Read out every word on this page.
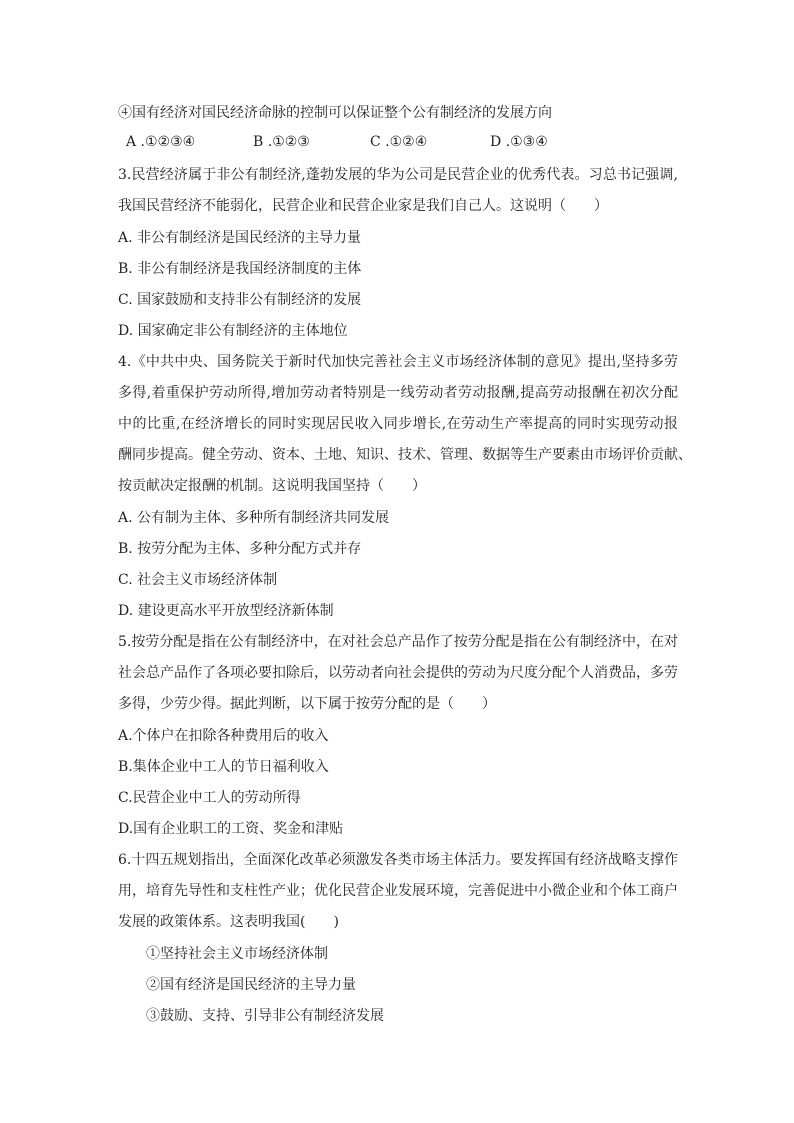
④国有经济对国民经济命脉的控制可以保证整个公有制经济的发展方向
A .①②③④	B .①②③	C .①②④	D .①③④
3.民营经济属于非公有制经济,蓬勃发展的华为公司是民营企业的优秀代表。习总书记强调,
我国民营经济不能弱化，民营企业和民营企业家是我们自己人。这说明（　　）
A. 非公有制经济是国民经济的主导力量
B. 非公有制经济是我国经济制度的主体
C. 国家鼓励和支持非公有制经济的发展
D. 国家确定非公有制经济的主体地位
4.《中共中央、国务院关于新时代加快完善社会主义市场经济体制的意见》提出,坚持多劳
多得,着重保护劳动所得,增加劳动者特别是一线劳动者劳动报酬,提高劳动报酬在初次分配
中的比重,在经济增长的同时实现居民收入同步增长,在劳动生产率提高的同时实现劳动报
酬同步提高。健全劳动、资本、土地、知识、技术、管理、数据等生产要素由市场评价贡献、
按贡献决定报酬的机制。这说明我国坚持（　　）
A. 公有制为主体、多种所有制经济共同发展
B. 按劳分配为主体、多种分配方式并存
C. 社会主义市场经济体制
D. 建设更高水平开放型经济新体制
5.按劳分配是指在公有制经济中，在对社会总产品作了按劳分配是指在公有制经济中，在对
社会总产品作了各项必要扣除后，以劳动者向社会提供的劳动为尺度分配个人消费品，多劳
多得，少劳少得。据此判断，以下属于按劳分配的是（　　）
A.个体户在扣除各种费用后的收入
B.集体企业中工人的节日福利收入
C.民营企业中工人的劳动所得
D.国有企业职工的工资、奖金和津贴
6.十四五规划指出，全面深化改革必须激发各类市场主体活力。要发挥国有经济战略支撑作
用，培育先导性和支柱性产业；优化民营企业发展环境，完善促进中小微企业和个体工商户
发展的政策体系。这表明我国(　　)
①坚持社会主义市场经济体制
②国有经济是国民经济的主导力量
③鼓励、支持、引导非公有制经济发展
